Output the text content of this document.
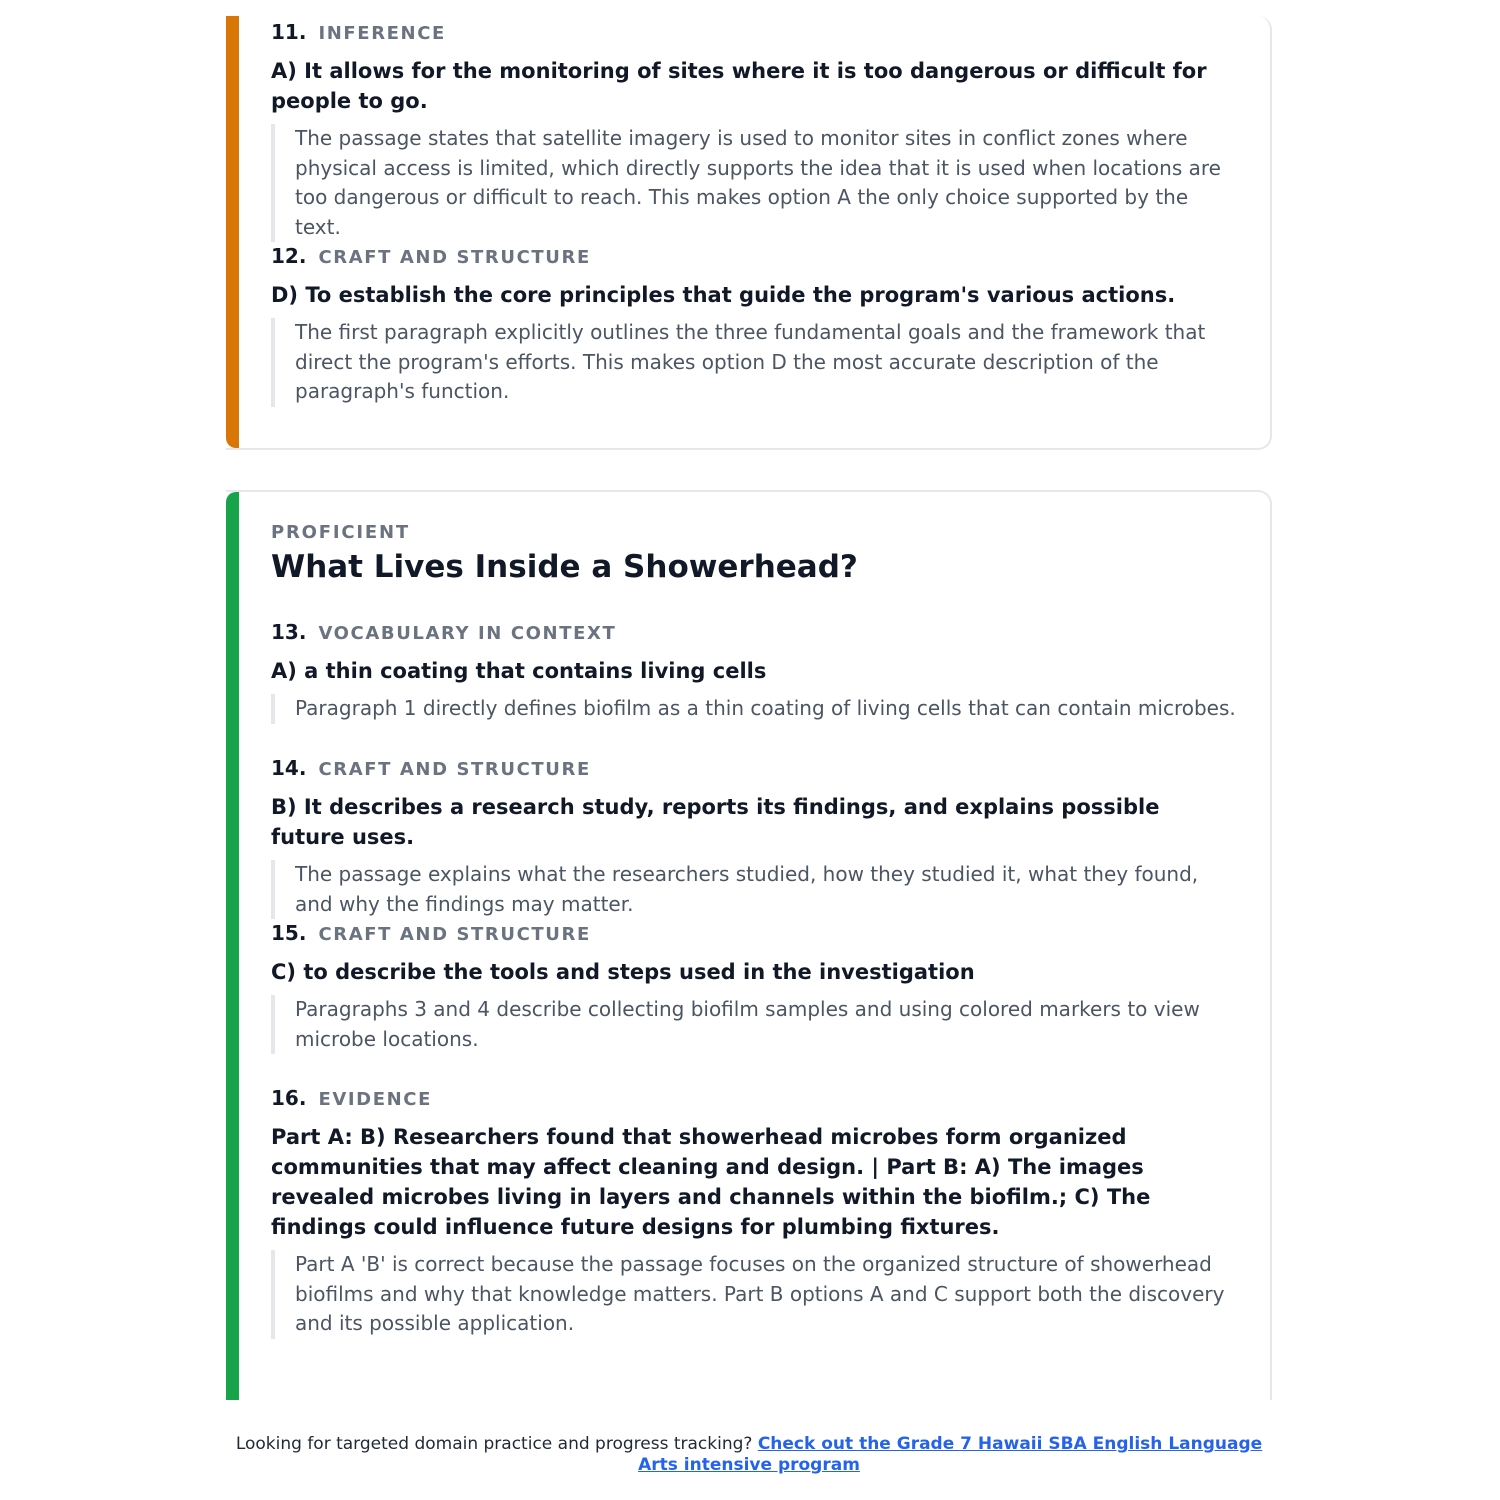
11. INFERENCE
A) It allows for the monitoring of sites where it is too dangerous or difficult for people to go.
The passage states that satellite imagery is used to monitor sites in conflict zones where physical access is limited, which directly supports the idea that it is used when locations are too dangerous or difficult to reach. This makes option A the only choice supported by the text.
12. CRAFT AND STRUCTURE
D) To establish the core principles that guide the program's various actions.
The first paragraph explicitly outlines the three fundamental goals and the framework that direct the program's efforts. This makes option D the most accurate description of the paragraph's function.
PROFICIENT
What Lives Inside a Showerhead?
13. VOCABULARY IN CONTEXT
A) a thin coating that contains living cells
Paragraph 1 directly defines biofilm as a thin coating of living cells that can contain microbes.
14. CRAFT AND STRUCTURE
B) It describes a research study, reports its findings, and explains possible future uses.
The passage explains what the researchers studied, how they studied it, what they found, and why the findings may matter.
15. CRAFT AND STRUCTURE
C) to describe the tools and steps used in the investigation
Paragraphs 3 and 4 describe collecting biofilm samples and using colored markers to view microbe locations.
16. EVIDENCE
Part A: B) Researchers found that showerhead microbes form organized communities that may affect cleaning and design. | Part B: A) The images revealed microbes living in layers and channels within the biofilm.; C) The findings could influence future designs for plumbing fixtures.
Part A 'B' is correct because the passage focuses on the organized structure of showerhead biofilms and why that knowledge matters. Part B options A and C support both the discovery and its possible application.
Looking for targeted domain practice and progress tracking? Check out the Grade 7 Hawaii SBA English Language Arts intensive program
